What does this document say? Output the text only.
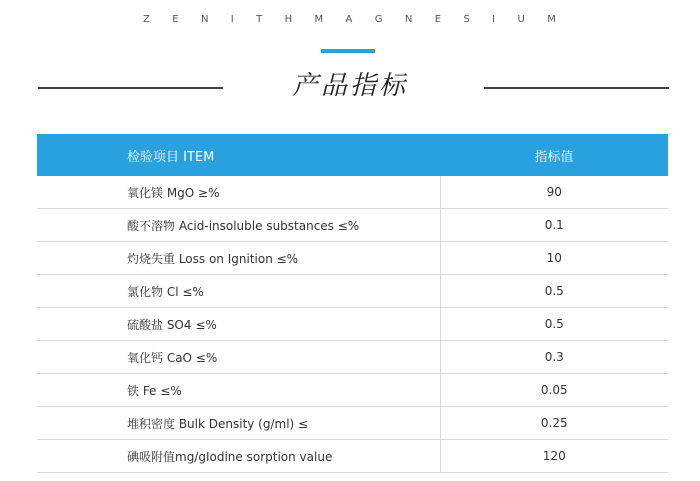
Z E N I T H M A G N E S I U M
产品指标
检验项目 ITEM	指标值
氧化镁 MgO ≥%	90
酸不溶物 Acid-insoluble substances ≤%	0.1
灼烧失重 Loss on Ignition ≤%	10
氯化物 Cl ≤%	0.5
硫酸盐 SO4 ≤%	0.5
氧化钙 CaO ≤%	0.3
铁 Fe ≤%	0.05
堆积密度 Bulk Density (g/ml) ≤	0.25
碘吸附值mg/gIodine sorption value	120
